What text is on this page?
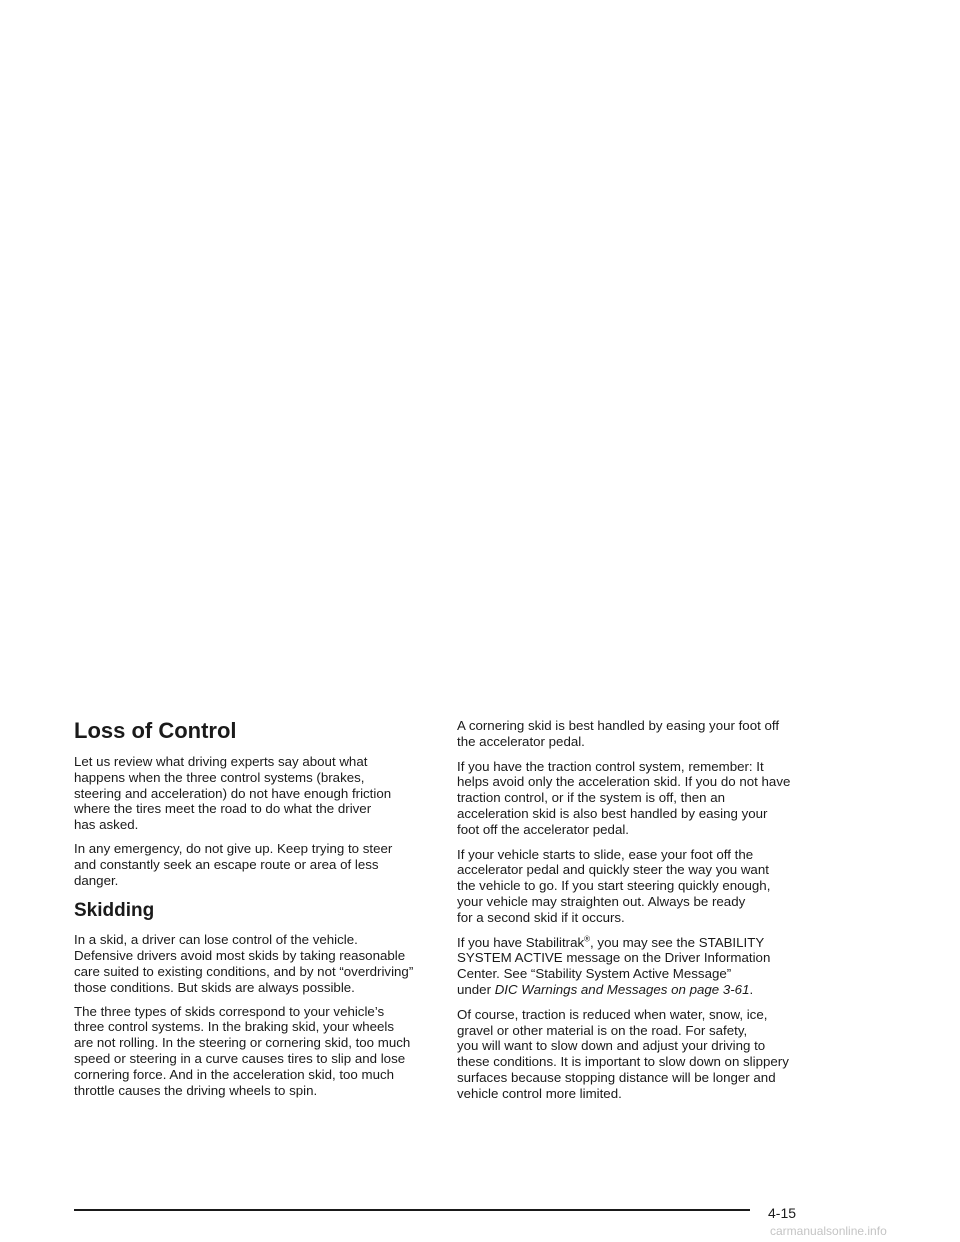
Loss of Control

Let us review what driving experts say about what
happens when the three control systems (brakes,
steering and acceleration) do not have enough friction
where the tires meet the road to do what the driver
has asked.

In any emergency, do not give up. Keep trying to steer
and constantly seek an escape route or area of less
danger.

Skidding

In a skid, a driver can lose control of the vehicle.
Defensive drivers avoid most skids by taking reasonable
care suited to existing conditions, and by not “overdriving”
those conditions. But skids are always possible.

The three types of skids correspond to your vehicle’s
three control systems. In the braking skid, your wheels
are not rolling. In the steering or cornering skid, too much
speed or steering in a curve causes tires to slip and lose
cornering force. And in the acceleration skid, too much
throttle causes the driving wheels to spin.

A cornering skid is best handled by easing your foot off
the accelerator pedal.

If you have the traction control system, remember: It
helps avoid only the acceleration skid. If you do not have
traction control, or if the system is off, then an
acceleration skid is also best handled by easing your
foot off the accelerator pedal.

If your vehicle starts to slide, ease your foot off the
accelerator pedal and quickly steer the way you want
the vehicle to go. If you start steering quickly enough,
your vehicle may straighten out. Always be ready
for a second skid if it occurs.

If you have Stabilitrak®, you may see the STABILITY
SYSTEM ACTIVE message on the Driver Information
Center. See “Stability System Active Message”
under DIC Warnings and Messages on page 3-61.

Of course, traction is reduced when water, snow, ice,
gravel or other material is on the road. For safety,
you will want to slow down and adjust your driving to
these conditions. It is important to slow down on slippery
surfaces because stopping distance will be longer and
vehicle control more limited.

4-15
carmanualsonline.info
